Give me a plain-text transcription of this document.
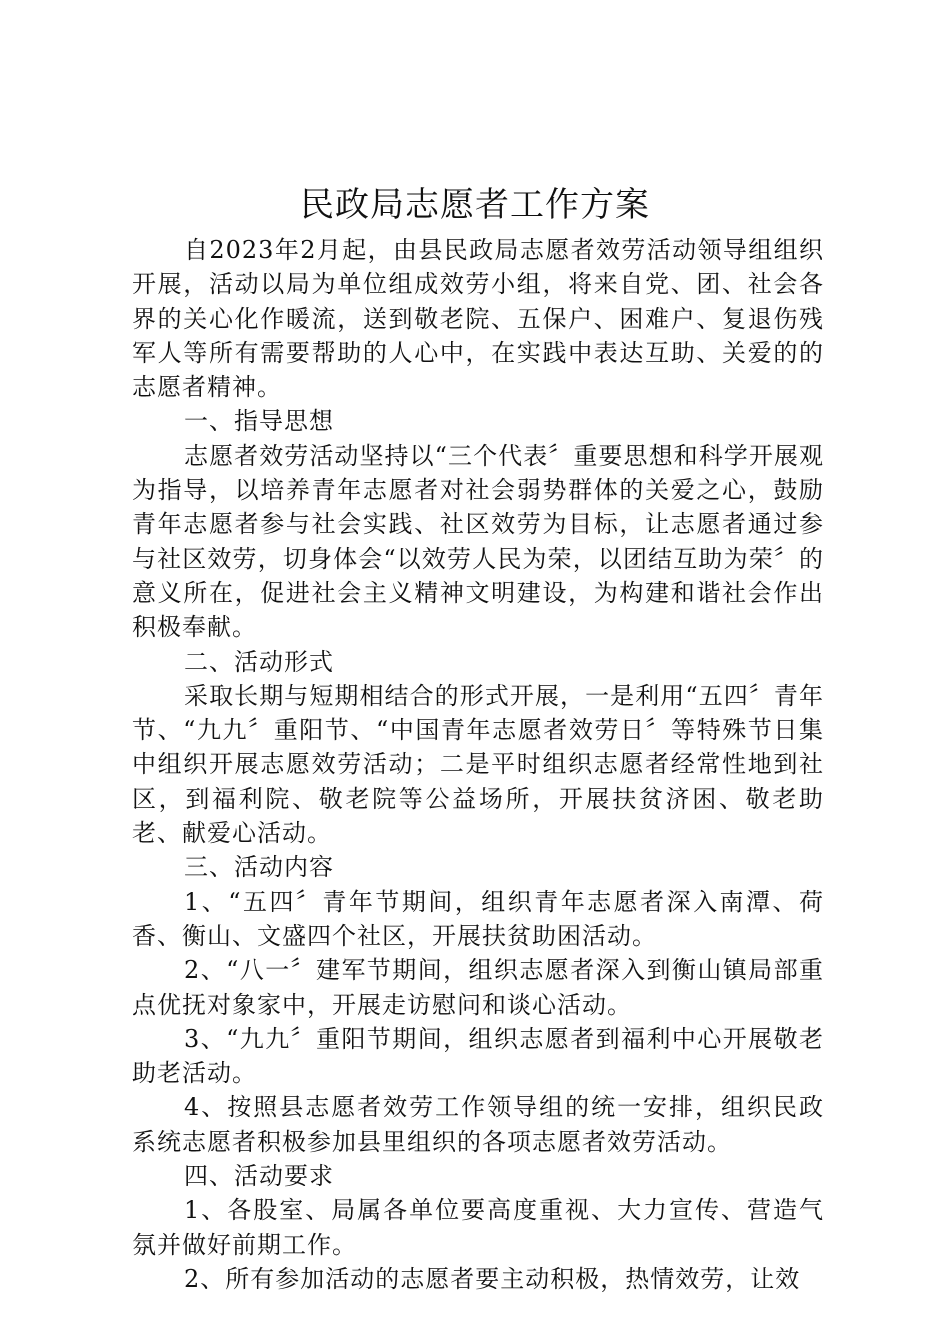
民政局志愿者工作方案

自2023年2月起，由县民政局志愿者效劳活动领导组组织开展，活动以局为单位组成效劳小组，将来自党、团、社会各界的关心化作暖流，送到敬老院、五保户、困难户、复退伤残军人等所有需要帮助的人心中，在实践中表达互助、关爱的的志愿者精神。

一、指导思想

志愿者效劳活动坚持以“三个代表〞重要思想和科学开展观为指导，以培养青年志愿者对社会弱势群体的关爱之心，鼓励青年志愿者参与社会实践、社区效劳为目标，让志愿者通过参与社区效劳，切身体会“以效劳人民为荣，以团结互助为荣〞的意义所在，促进社会主义精神文明建设，为构建和谐社会作出积极奉献。

二、活动形式

采取长期与短期相结合的形式开展，一是利用“五四〞青年节、“九九〞重阳节、“中国青年志愿者效劳日〞等特殊节日集中组织开展志愿效劳活动；二是平时组织志愿者经常性地到社区，到福利院、敬老院等公益场所，开展扶贫济困、敬老助老、献爱心活动。

三、活动内容

1、“五四〞青年节期间，组织青年志愿者深入南潭、荷香、衡山、文盛四个社区，开展扶贫助困活动。

2、“八一〞建军节期间，组织志愿者深入到衡山镇局部重点优抚对象家中，开展走访慰问和谈心活动。

3、“九九〞重阳节期间，组织志愿者到福利中心开展敬老助老活动。

4、按照县志愿者效劳工作领导组的统一安排，组织民政系统志愿者积极参加县里组织的各项志愿者效劳活动。

四、活动要求

1、各股室、局属各单位要高度重视、大力宣传、营造气氛并做好前期工作。

2、所有参加活动的志愿者要主动积极，热情效劳，让效
